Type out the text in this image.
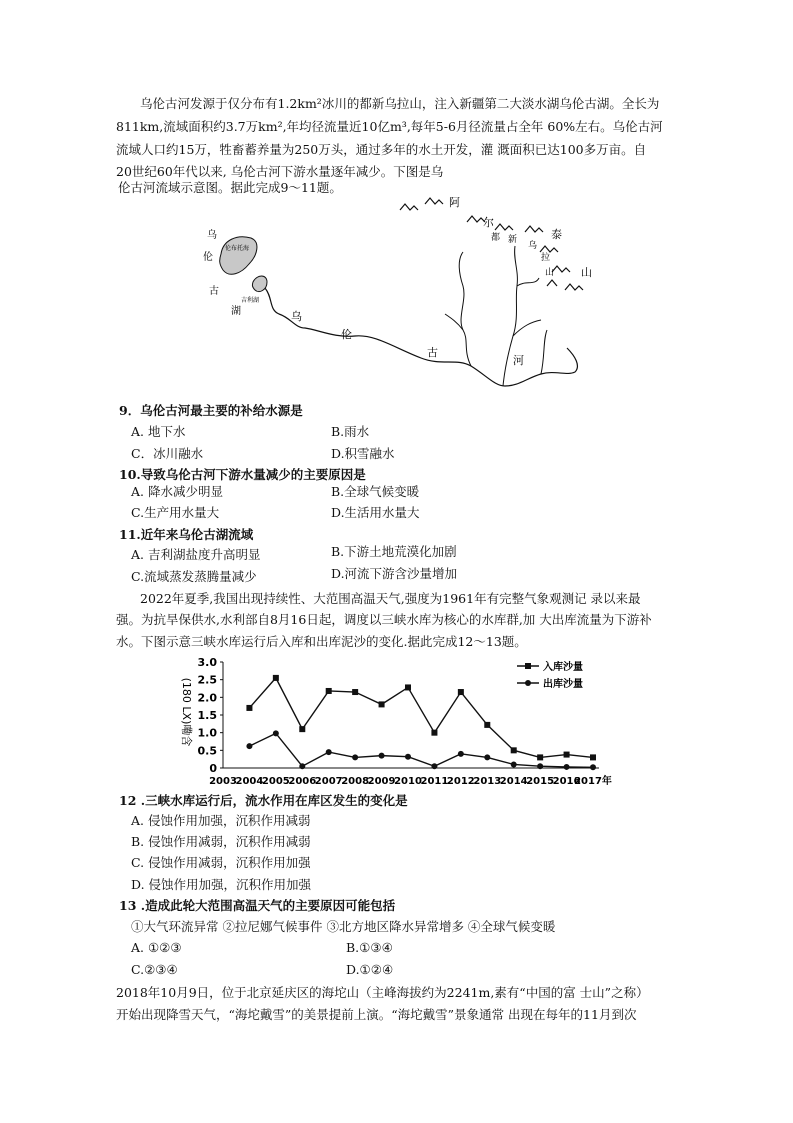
乌伦古河发源于仅分布有1.2km²冰川的都新乌拉山，注入新疆第二大淡水湖乌伦古湖。全长为
811km,流域面积约3.7万km²,年均径流量近10亿m³,每年5-6月径流量占全年 60%左右。乌伦古河
流域人口约15万，牲畜蓄养量为250万头，通过多年的水土开发，灌 溉面积已达100多万亩。自
20世纪60年代以来, 乌伦古河下游水量逐年减少。下图是乌
伦古河流域示意图。据此完成9～11题。
阿
尔
泰
山
都 新
乌
拉
山
乌
伦
古
湖
伦布托海
吉利湖
乌
伦
古
河
9．乌伦古河最主要的补给水源是
A. 地下水	B.雨水
C．冰川融水	D.积雪融水
10.导致乌伦古河下游水量减少的主要原因是
A. 降水减少明显	B.全球气候变暖
C.生产用水量大	D.生活用水量大
11.近年来乌伦古湖流域
A. 吉利湖盐度升高明显	B.下游土地荒漠化加剧
C.流域蒸发蒸腾量减少	D.河流下游含沙量增加
2022年夏季,我国出现持续性、大范围高温天气,强度为1961年有完整气象观测记 录以来最
强。为抗旱保供水,水利部自8月16日起，调度以三峡水库为核心的水库群,加 大出库流量为下游补
水。下图示意三峡水库运行后入库和出库泥沙的变化.据此完成12～13题。
0
0.5
1.0
1.5
2.0
2.5
3.0
2003
2004
2005
2006
2007
2008
2009
2010
2011
2012
2013
2014
2015
2016
2017年
入库沙量
出库沙量
(180 LX)嘞含
12 .三峡水库运行后，流水作用在库区发生的变化是
A. 侵蚀作用加强，沉积作用减弱
B. 侵蚀作用减弱，沉积作用减弱
C. 侵蚀作用减弱，沉积作用加强
D. 侵蚀作用加强，沉积作用加强
13 .造成此轮大范围高温天气的主要原因可能包括
①大气环流异常 ②拉尼娜气候事件 ③北方地区降水异常增多 ④全球气候变暖
A. ①②③	B.①③④
C.②③④	D.①②④
2018年10月9日，位于北京延庆区的海坨山（主峰海拔约为2241m,素有“中国的富 士山”之称）
开始出现降雪天气，“海坨戴雪”的美景提前上演。“海坨戴雪”景象通常 出现在每年的11月到次
